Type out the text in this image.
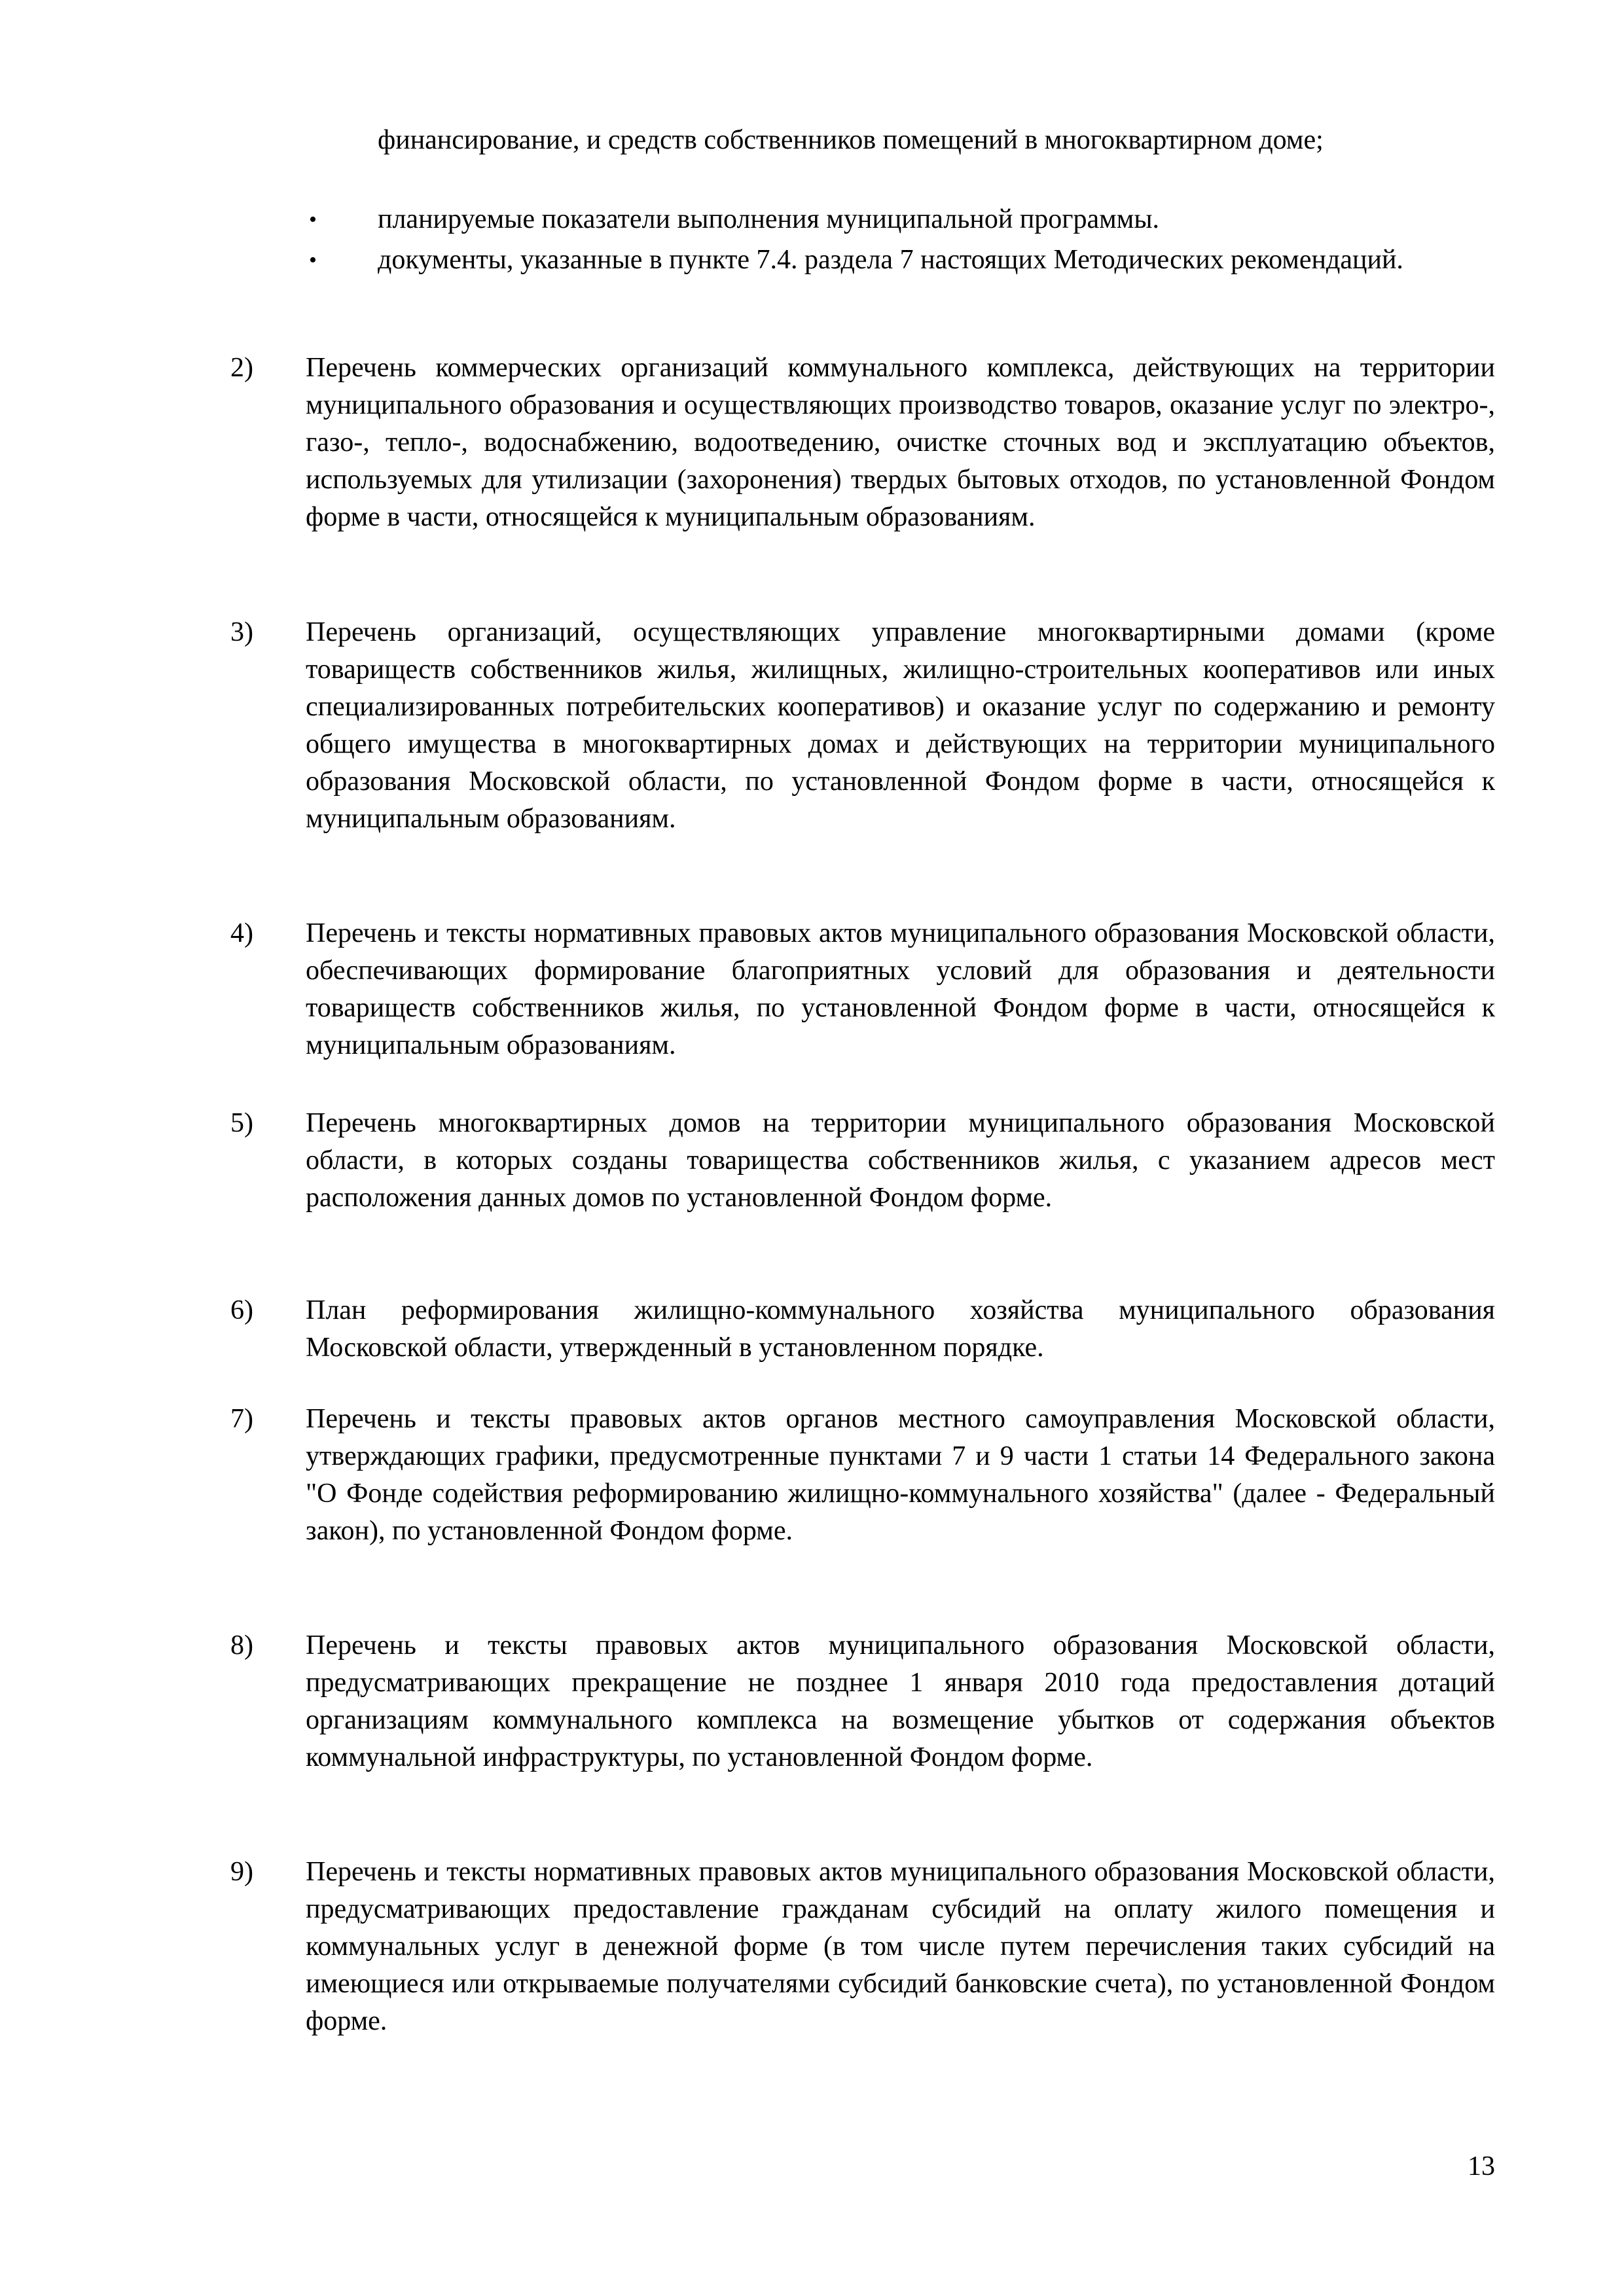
финансирование, и средств собственников помещений в многоквартирном доме;

•	планируемые показатели выполнения муниципальной программы.

•	документы, указанные в пункте 7.4. раздела 7 настоящих Методических рекомендаций.

2)	Перечень коммерческих организаций коммунального комплекса, действующих на территории муниципального образования и осуществляющих производство товаров, оказание услуг по электро-, газо-, тепло-, водоснабжению, водоотведению, очистке сточных вод и эксплуатацию объектов, используемых для утилизации (захоронения) твердых бытовых отходов, по установленной Фондом форме в части, относящейся к муниципальным образованиям.

3)	Перечень организаций, осуществляющих управление многоквартирными домами (кроме товариществ собственников жилья, жилищных, жилищно-строительных кооперативов или иных специализированных потребительских кооперативов) и оказание услуг по содержанию и ремонту общего имущества в многоквартирных домах и действующих на территории муниципального образования Московской области, по установленной Фондом форме в части, относящейся к муниципальным образованиям.

4)	Перечень и тексты нормативных правовых актов муниципального образования Московской области, обеспечивающих формирование благоприятных условий для образования и деятельности товариществ собственников жилья, по установленной Фондом форме в части, относящейся к муниципальным образованиям.

5)	Перечень многоквартирных домов на территории муниципального образования Московской области, в которых созданы товарищества собственников жилья, с указанием адресов мест расположения данных домов по установленной Фондом форме.

6)	План реформирования жилищно-коммунального хозяйства муниципального образования Московской области, утвержденный в установленном порядке.

7)	Перечень и тексты правовых актов органов местного самоуправления Московской области, утверждающих графики, предусмотренные пунктами 7 и 9 части 1 статьи 14 Федерального закона "О Фонде содействия реформированию жилищно-коммунального хозяйства" (далее - Федеральный закон), по установленной Фондом форме.

8)	Перечень и тексты правовых актов муниципального образования Московской области, предусматривающих прекращение не позднее 1 января 2010 года предоставления дотаций организациям коммунального комплекса на возмещение убытков от содержания объектов коммунальной инфраструктуры, по установленной Фондом форме.

9)	Перечень и тексты нормативных правовых актов муниципального образования Московской области, предусматривающих предоставление гражданам субсидий на оплату жилого помещения и коммунальных услуг в денежной форме (в том числе путем перечисления таких субсидий на имеющиеся или открываемые получателями субсидий банковские счета), по установленной Фондом форме.

13
